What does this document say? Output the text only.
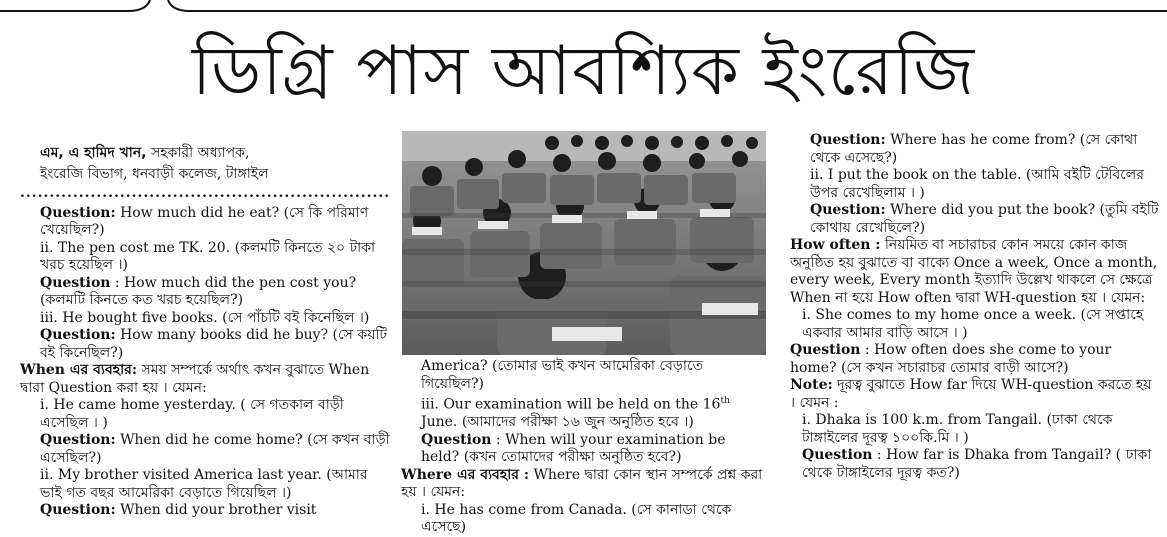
ডিগ্রি পাস আবশ্যিক ইংরেজি
এম, এ হামিদ খান, সহকারী অধ্যাপক,
ইংরেজি বিভাগ, ধনবাড়ী কলেজ, টাঙ্গাইল
...............................................................

Question: How much did he eat? (সে কি পরিমাণ খেয়েছিল?)

ii. The pen cost me TK. 20. (কলমটি কিনতে ২০ টাকা খরচ হয়েছিল ।)

Question : How much did the pen cost you? (কলমটি কিনতে কত খরচ হয়েছিল?)

iii. He bought five books. (সে পাঁচটি বই কিনেছিল ।)

Question: How many books did he buy? (সে কয়টি বই কিনেছিল?)

When এর ব্যবহার: সময় সম্পর্কে অর্থাৎ কখন বুঝাতে When দ্বারা Question করা হয় । যেমন:

i. He came home yesterday. ( সে গতকাল বাড়ী এসেছিল । )

Question: When did he come home? (সে কখন বাড়ী এসেছিল?)

ii. My brother visited America last year. (আমার ভাই গত বছর আমেরিকা বেড়াতে গিয়েছিল ।)

Question: When did your brother visit

America? (তোমার ভাই কখন আমেরিকা বেড়াতে গিয়েছিল?)

iii. Our examination will be held on the 16th June. (আমাদের পরীক্ষা ১৬ জুন অনুষ্ঠিত হবে ।)

Question : When will your examination be held? (কখন তোমাদের পরীক্ষা অনুষ্ঠিত হবে?)

Where এর ব্যবহার : Where দ্বারা কোন স্থান সম্পর্কে প্রশ্ন করা হয় । যেমন:

i. He has come from Canada. (সে কানাডা থেকে এসেছে)

Question: Where has he come from? (সে কোথা থেকে এসেছে?)

ii. I put the book on the table. (আমি বইটি টেবিলের উপর রেখেছিলাম । )

Question: Where did you put the book? (তুমি বইটি কোথায় রেখেছিলে?)

How often : নিয়মিত বা সচারাচর কোন সময়ে কোন কাজ অনুষ্ঠিত হয় বুঝাতে বা বাক্যে Once a week, Once a month, every week, Every month ইত্যাদি উল্লেখ থাকলে সে ক্ষেত্রে When না হয়ে How often দ্বারা WH-question হয় । যেমন:

i. She comes to my home once a week. (সে সপ্তাহে একবার আমার বাড়ি আসে । )

Question : How often does she come to your home? (সে কখন সচারাচর তোমার বাড়ী আসে?)

Note: দূরত্ব বুঝাতে How far দিয়ে WH-question করতে হয় । যেমন :

i. Dhaka is 100 k.m. from Tangail. (ঢাকা থেকে টাঙ্গাইলের দূরত্ব ১০০কি.মি । )

Question : How far is Dhaka from Tangail? ( ঢাকা থেকে টাঙ্গাইলের দূরত্ব কত?)
